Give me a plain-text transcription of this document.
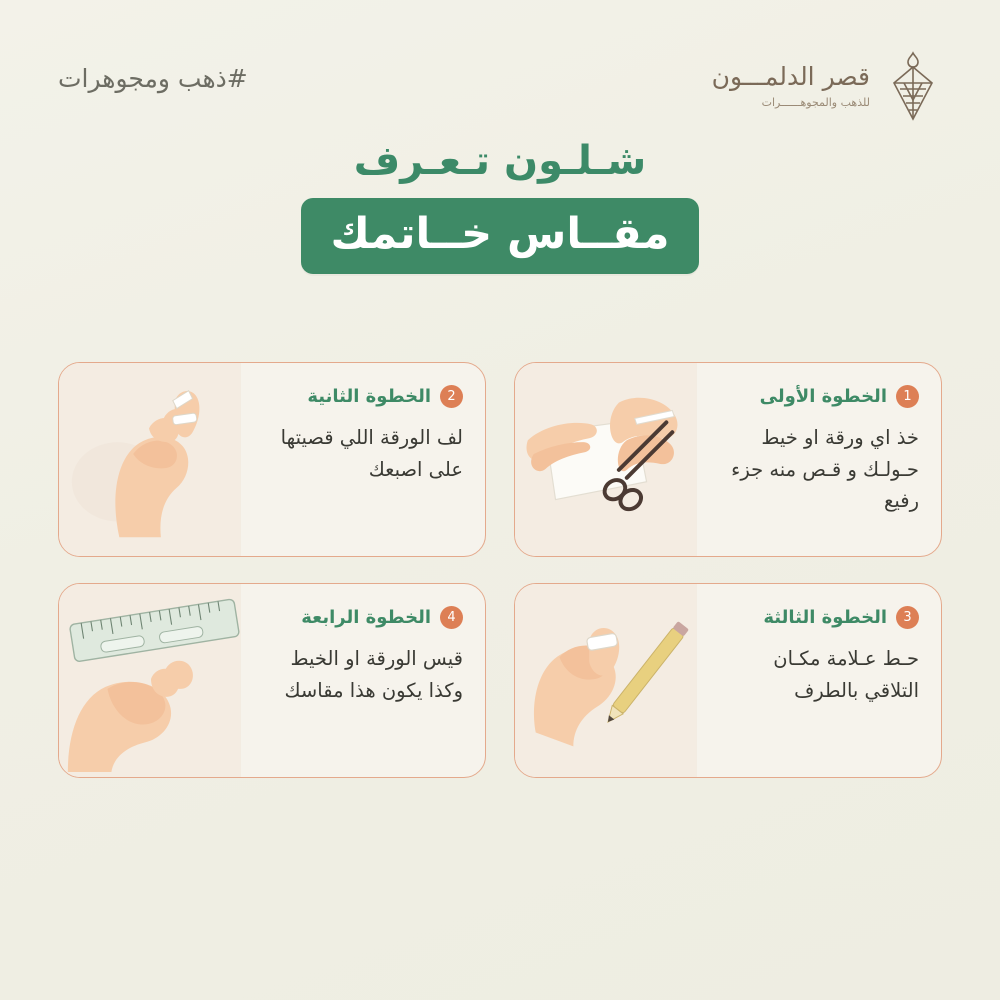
#ذهب ومجوهرات	قصر الدلمـــون
للذهب والمجوهــــــرات
شـلـون تـعـرف
مقــاس خــاتمك
1
الخطوة الأولى
خذ اي ورقة او خيط حـولـك و قـص منه جزء رفيع
2
الخطوة الثانية
لف الورقة اللي قصيتها على اصبعك
3
الخطوة الثالثة
حـط عـلامة مكـان التلاقي بالطرف
4
الخطوة الرابعة
قيس الورقة او الخيط وكذا يكون هذا مقاسك
